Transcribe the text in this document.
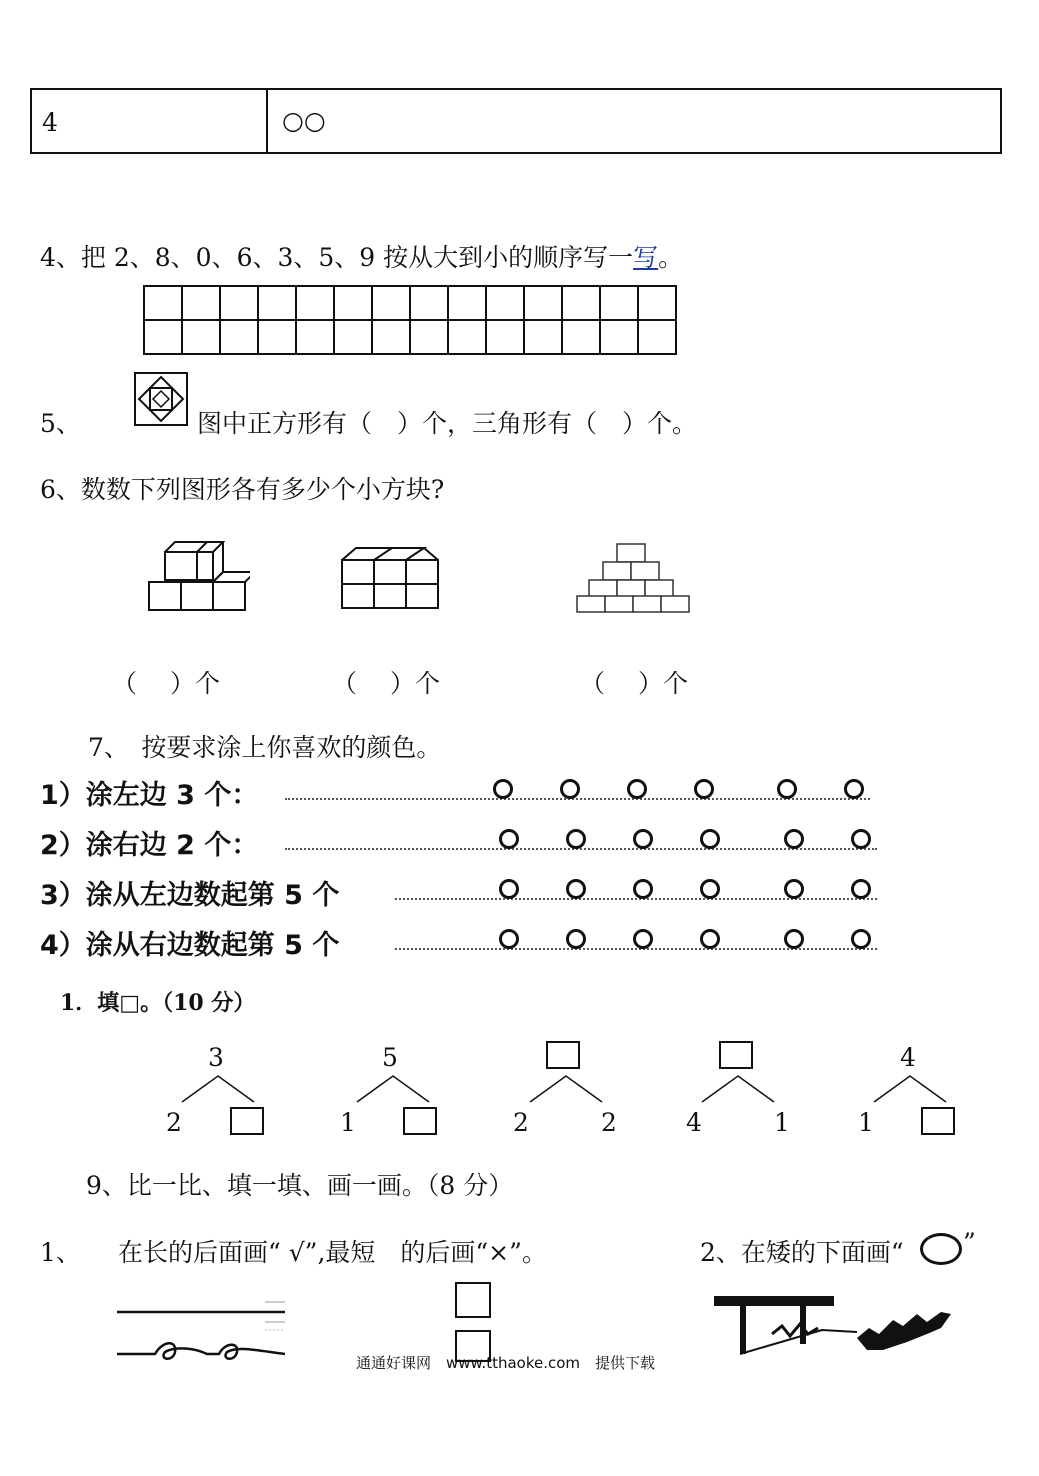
4	○○
4、把 2、8、0、6、3、5、9 按从大到小的顺序写一写。

5、	图中正方形有（　）个，三角形有（　）个。
6、数数下列图形各有多少个小方块?
（　 ）个	（　 ）个	（　 ）个
7、　按要求涂上你喜欢的颜色。
1）涂左边 3 个：
2）涂右边 2 个：
3）涂从左边数起第 5 个
4）涂从右边数起第 5 个
1．填□。（10 分）
3
2
5
1	2	2	4	1
4
1
9、比一比、填一填、画一画。（8 分）
1、 在长的后面画“ √”,最短　的后画“×”。	2、在矮的下面画“ ”
通通好课网　www.tthaoke.com　提供下载
